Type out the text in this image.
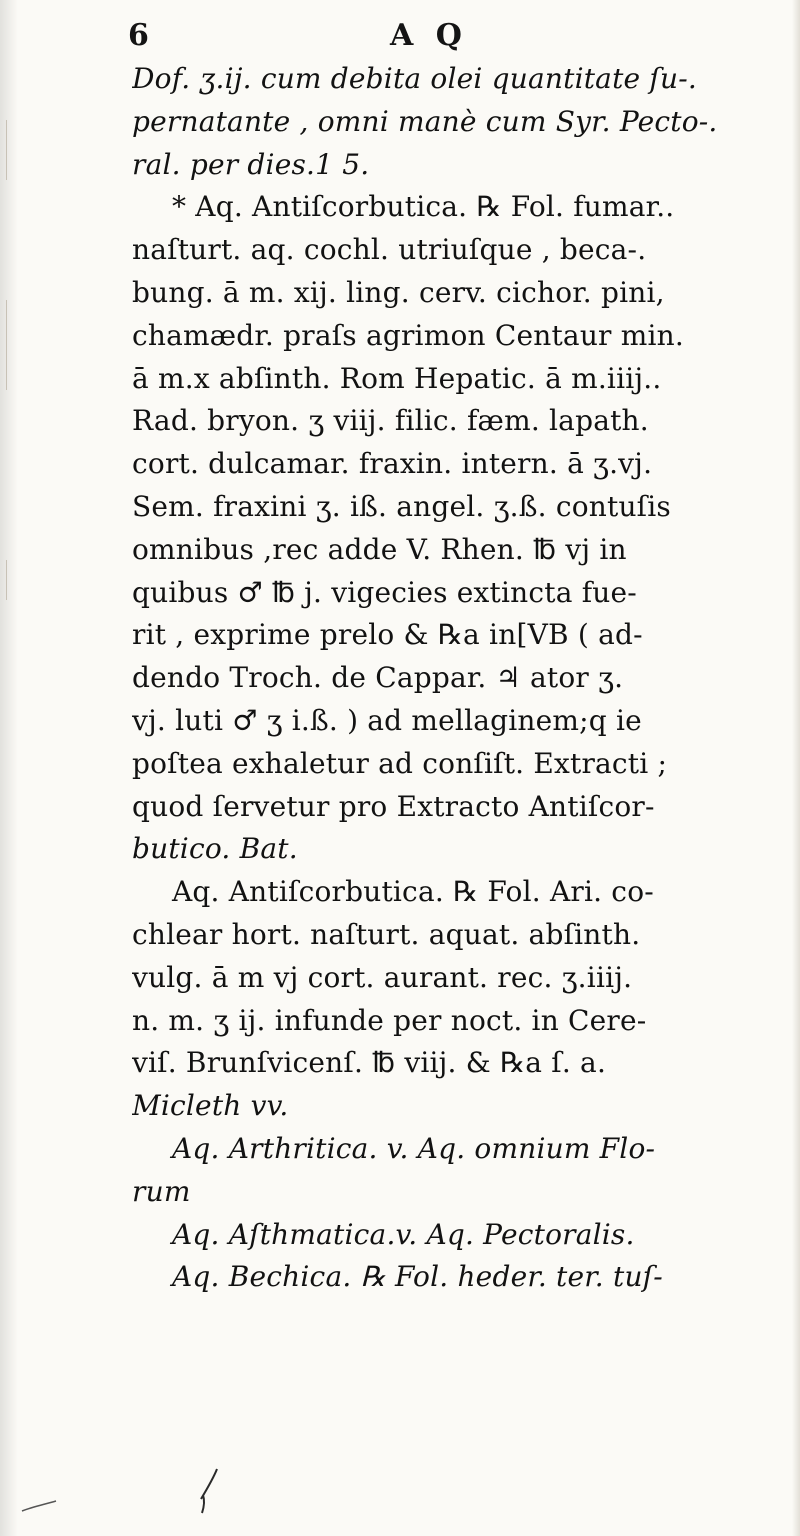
6	A Q
Dof. ʒ.ij. cum debita olei quantitate ſu-.
pernatante , omni manè cum Syr. Pecto-.
ral. per dies.1 5.
* Aq. Antiſcorbutica. ℞ Fol. fumar..
naſturt. aq. cochl. utriuſque , beca-.
bung. ā m. xij. ling. cerv. cichor. pini,
chamædr. praſs agrimon Centaur min.
ā m.x abſinth. Rom Hepatic. ā m.iiij..
Rad. bryon. ʒ viij. filic. fæm. lapath.
cort. dulcamar. fraxin. intern. ā ʒ.vj.
Sem. fraxini ʒ. iß. angel. ʒ.ß. contuſis
omnibus ,rec adde V. Rhen. ℔ vj in
quibus ♂ ℔ j. vigecies extincta fue-
rit , exprime prelo & ℞a in[VB ( ad-
dendo Troch. de Cappar. ♃ ator ʒ.
vj. luti ♂ ʒ i.ß. ) ad mellaginem;q ie
poſtea exhaletur ad conſiſt. Extracti ;
quod ſervetur pro Extracto Antiſcor-
butico. Bat.
Aq. Antiſcorbutica. ℞ Fol. Ari. co-
chlear hort. naſturt. aquat. abſinth.
vulg. ā m vj cort. aurant. rec. ʒ.iiij.
n. m. ʒ ij. infunde per noct. in Cere-
viſ. Brunſvicenſ. ℔ viij. & ℞a ſ. a.
Micleth vv.
Aq. Arthritica. v. Aq. omnium Flo-
rum
Aq. Aſthmatica.v. Aq. Pectoralis.
Aq. Bechica. ℞ Fol. heder. ter. tuſ-
